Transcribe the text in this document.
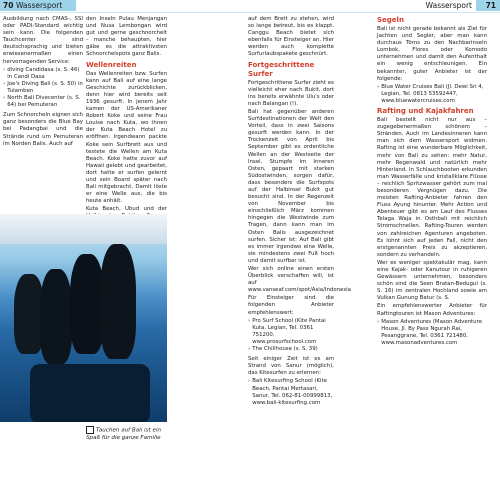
70 Wassersport	Wassersport 71

Ausbildung nach CMAS-, SSI oder PADI-Standard wichtig sein kann. Die folgenden Tauchcenter sind deutschsprachig und bieten erwiesenermaßen einen hervorragenden Service:

› diving Candidasa (s. S. 46) in Candi Dasa
› Joe's Diving Bali (s. S. 50) in Tulamben
› North Bali Divecenter (s. S. 64) bei Pemuteran

Zum Schnorcheln eignen sich ganz besonders die Blue Bay bei Padangbai und die Strände rund um Pemuteran im Norden Balis. Auch auf

den Inseln Pulau Menjangan und Nusa Lembongan wird gut und gerne geschnorchelt – manche behaupten, hier gäbe es die attraktivsten Schnorchelspots ganz Balis.

Wellenreiten

Das Wellenreiten bzw. Surfen kann auf Bali auf eine lange Geschichte zurückblicken, denn hier wird bereits seit 1936 gesurft. In jenem Jahr kamen der US-Amerikaner Robert Koke und seine Frau Louise nach Kuta, wo ihnen der Kuta Beach Hotel zu eröffnen. Irgendwann packte Koke sein Surfbrett aus und testete die Wellen am Kuta Beach. Koke hatte zuvor auf Hawaii gelebt und gearbeitet, dort hatte er surfen gelernt und sein Board später nach Bali mitgebracht. Damit löste er eine Welle aus, die bis heute anhält.

Kuta Beach, Ubud und der

Tauchen auf Bali ist ein Spaß für die ganze Familie

auf dem Brett zu stehen, wird so lange betreut, bis es klappt. Canggu Beach bietet sich ebenfalls für Einsteiger an. Hier werden auch komplette Surfurlaubspakete geschnürt.

Fortgeschrittene Surfer

Fortgeschrittene Surfer zieht es vielleicht eher nach Bukit, dort ins bereits erwähnte Ulu's oder nach Balangan (!).

Bali hat gegenüber anderen Surfdestinationen der Welt den Vorteil, dass in zwei Saisons gesurft werden kann. In der Trockenzeit von April bis September gibt es ordentliche Wellen an der Westseite der Insel. Stumpfe im Inneren Osten, gepaart mit starken Südostwinden, sorgen dafür, dass besonders die Surfspots auf der Halbinsel Bukit gut besucht sind. In der Regenzeit von November bis einschließlich März kommen hingegen die Westwinde zum Tragen, dann kann man im Osten Balis ausgezeichnet surfen. Sicher ist: Auf Bali gibt es immer irgendwo eine Welle, sie mindestens zwei Fuß hoch und damit surfbar ist.

Wer sich online einen ersten Überblick verschaffen will, ist auf www.vanseaf.com/spot/Asia/Indonesia

Für Einsteiger sind die folgenden Anbieter empfehlenswert:

› Pro Surf School (Kite Pantai Kuta, Legian, Tel. 0361 751200, www.prosurfschool.com
› The Chillhouse (s. S. 39)

Seit einiger Zeit ist es am Strand von Sanur (möglich), das Kitesurfen zu erlernen:

› Bali Kitesurfing School (Kite Beach, Pantai Mertasari, Sanur, Tel. 062-81-00999813, www.bali-kitesurfing.com
Segeln

Bali ist nicht gerade bekannt als Ziel für Jachten und Segler, aber man kann durchaus Törns zu den Nachbarinseln Lombok, Flores oder Komodo unternehmen und damit den Aufenthalt ein wenig entschleunigen. Ein bekannter, guter Anbieter ist der folgende:

› Blue Water Cruises Bali (Jl. Dewi Sri 4, Legian, Tel. 0813 53592447, www.bluewatercruises.com
Rafting und Kajakfahren

Bali bestellt nicht nur aus – zugegebenermaßen schönem – Stränden. Auch im Landesinneren kann man sich dem Wassersport widmen. Rafting ist eine wunderbare Möglichkeit, mehr von Bali zu sehen: mehr Natur, mehr Regenwald und natürlich mehr Hinterland. In Schlauchbooten erkunden man Wasserfälle und kristallklare Flüsse – reichlich Spritzwasser gehört zum mal besonderen Vergnügen dazu. Die meisten Rafting-Anbieter fahren den Fluss Ayung hinunter. Mehr Action und Abenteuer gibt es am Lauf des Flusses Telaga Waja in Osthbali mit reichlich Stromschnellen. Rafting-Touren werden von zahlreichen Agenturen angeboten. Es lohnt sich auf jeden Fall, nicht den erstgenannten Preis zu akzeptieren, sondern zu verhandeln.

Wer es weniger spektakulär mag, kann eine Kajak- oder Kanutour in ruhigeren Gewässern unternehmen, besonders schön sind die Seen Bratan-Bedugul (s. S. 16) im zentralen Hochland sowie am Vulkan Gunung Batur (s. S.

Ein empfehlenswerter Anbieter für Raftingtouren ist Mason Adventures:

› Mason Adventures (Mason Adventure House, Jl. By Pass Ngurah Rai, Pesanggrane, Tel. 0361 721480, www.masonadventures.com
